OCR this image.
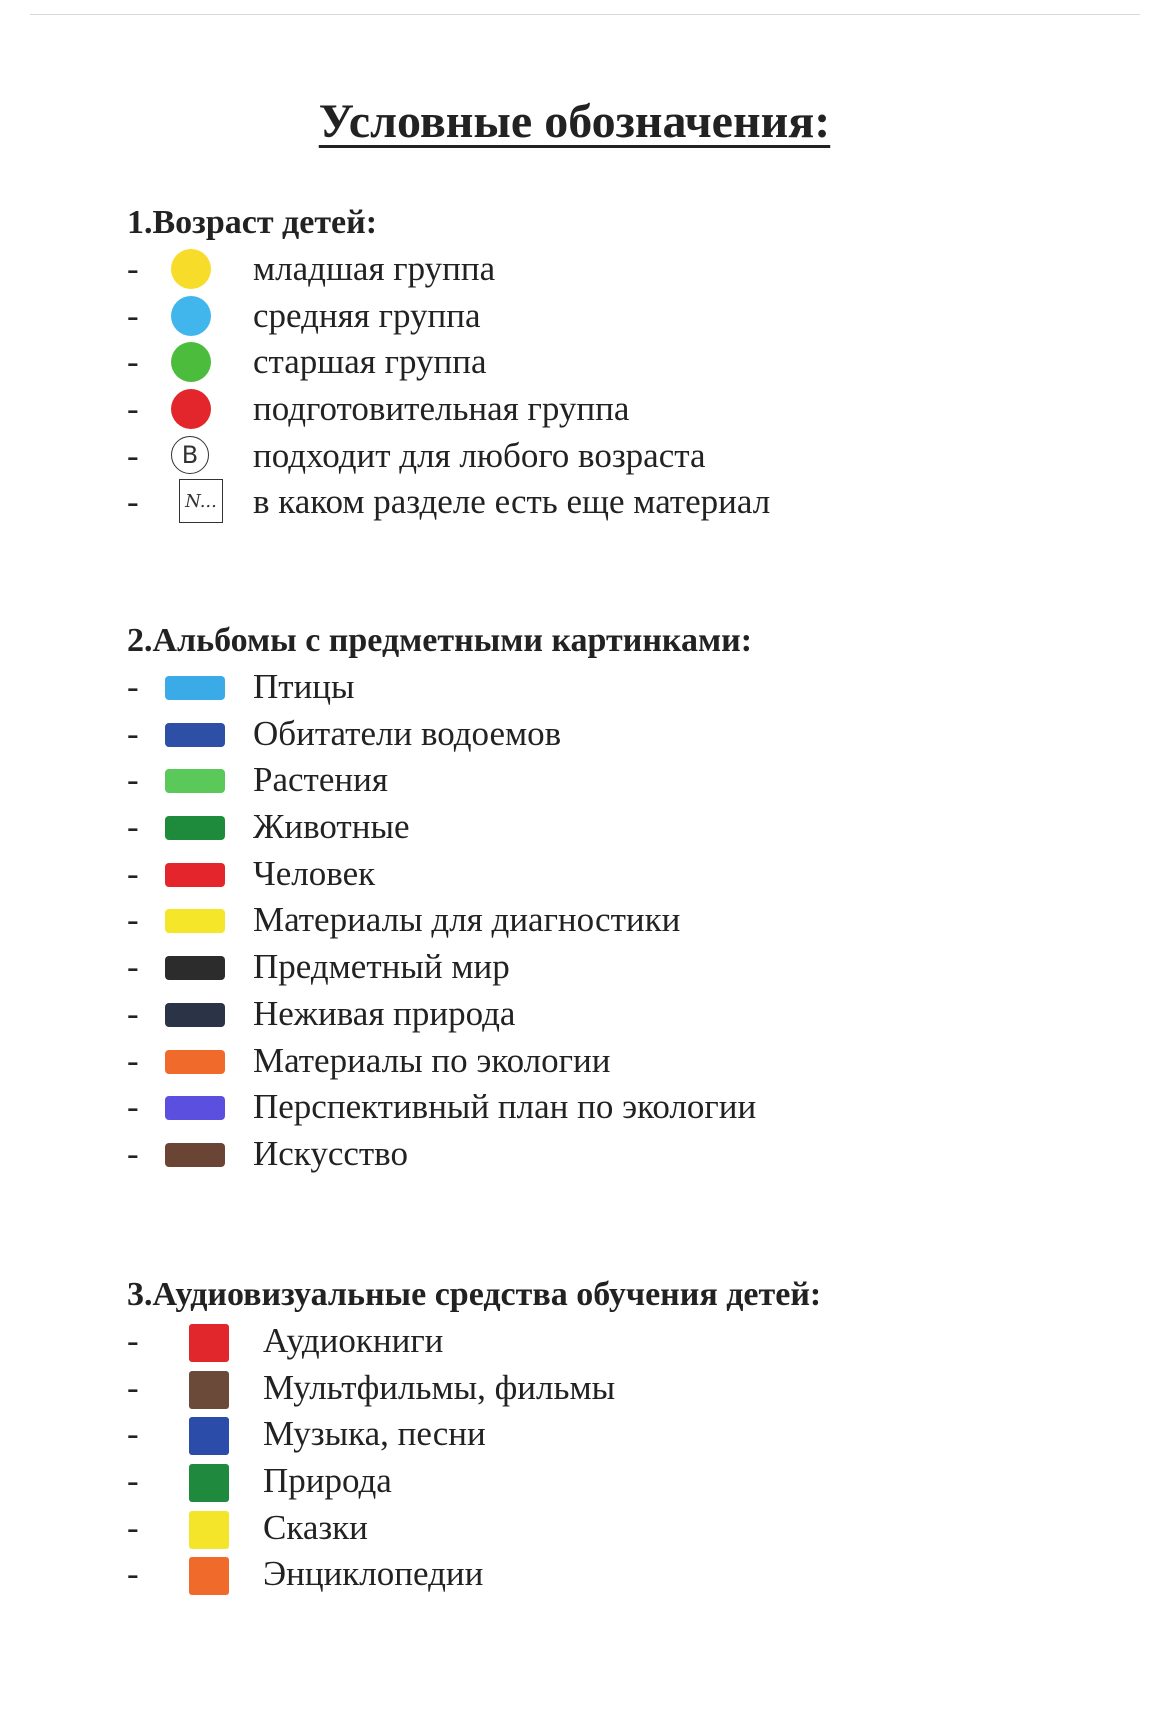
Условные обозначения:
1.Возраст детей:
-	младшая группа
-	средняя группа
-	старшая группа
-	подготовительная группа
-	B	подходит для любого возраста
-	N... в каком разделе есть еще материал
2.Альбомы с предметными картинками:
-	Птицы
-	Обитатели водоемов
-	Растения
-	Животные
-	Человек
-	Материалы для диагностики
-	Предметный мир
-	Неживая природа
-	Материалы по экологии
-	Перспективный план по экологии
-	Искусство
3.Аудиовизуальные средства обучения детей:
-	Аудиокниги
-	Мультфильмы, фильмы
-	Музыка, песни
-	Природа
-	Сказки
-	Энциклопедии
